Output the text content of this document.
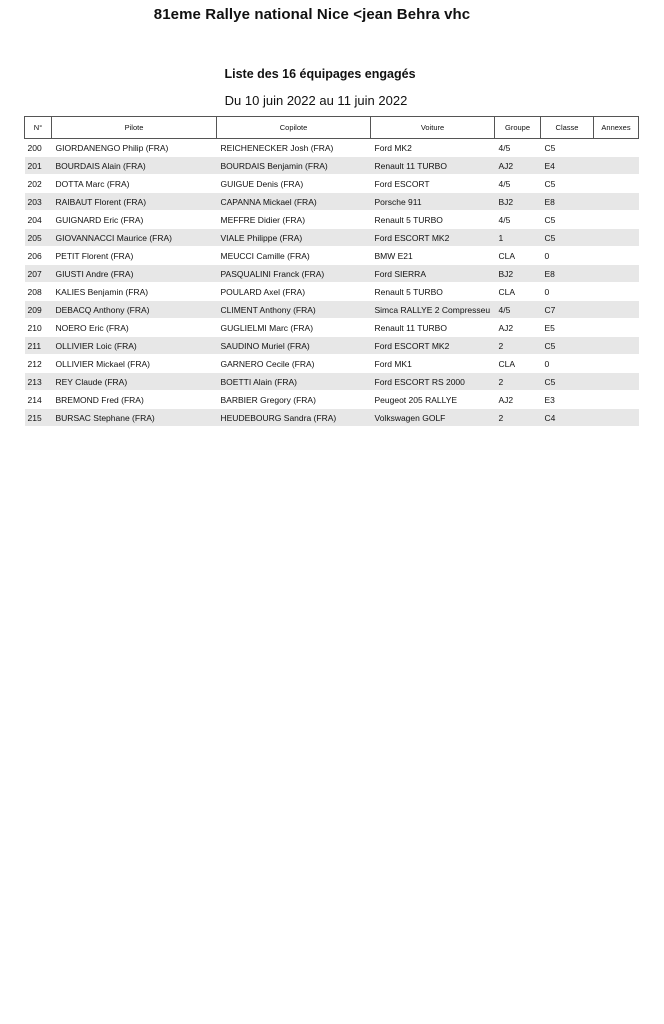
81eme Rallye national Nice <jean Behra vhc
Liste des 16 équipages engagés
Du 10 juin 2022 au 11 juin 2022
N°	Pilote	Copilote	Voiture	Groupe	Classe	Annexes
200	GIORDANENGO Philip (FRA)	REICHENECKER Josh (FRA)	Ford MK2	4/5	C5	
201	BOURDAIS Alain (FRA)	BOURDAIS Benjamin (FRA)	Renault 11 TURBO	AJ2	E4	
202	DOTTA Marc (FRA)	GUIGUE Denis (FRA)	Ford ESCORT	4/5	C5	
203	RAIBAUT Florent (FRA)	CAPANNA Mickael (FRA)	Porsche 911	BJ2	E8	
204	GUIGNARD Eric (FRA)	MEFFRE Didier (FRA)	Renault 5 TURBO	4/5	C5	
205	GIOVANNACCI Maurice (FRA)	VIALE Philippe (FRA)	Ford ESCORT MK2	1	C5	
206	PETIT Florent (FRA)	MEUCCI Camille (FRA)	BMW E21	CLA	0	
207	GIUSTI Andre (FRA)	PASQUALINI Franck (FRA)	Ford SIERRA	BJ2	E8	
208	KALIES Benjamin (FRA)	POULARD Axel (FRA)	Renault 5 TURBO	CLA	0	
209	DEBACQ Anthony (FRA)	CLIMENT Anthony (FRA)	Simca RALLYE 2 Compresseu	4/5	C7	
210	NOERO Eric (FRA)	GUGLIELMI Marc (FRA)	Renault 11 TURBO	AJ2	E5	
211	OLLIVIER Loic (FRA)	SAUDINO Muriel (FRA)	Ford ESCORT MK2	2	C5	
212	OLLIVIER Mickael (FRA)	GARNERO Cecile (FRA)	Ford MK1	CLA	0	
213	REY Claude (FRA)	BOETTI Alain (FRA)	Ford ESCORT RS 2000	2	C5	
214	BREMOND Fred (FRA)	BARBIER Gregory (FRA)	Peugeot 205 RALLYE	AJ2	E3	
215	BURSAC Stephane (FRA)	HEUDEBOURG Sandra (FRA)	Volkswagen GOLF	2	C4	
